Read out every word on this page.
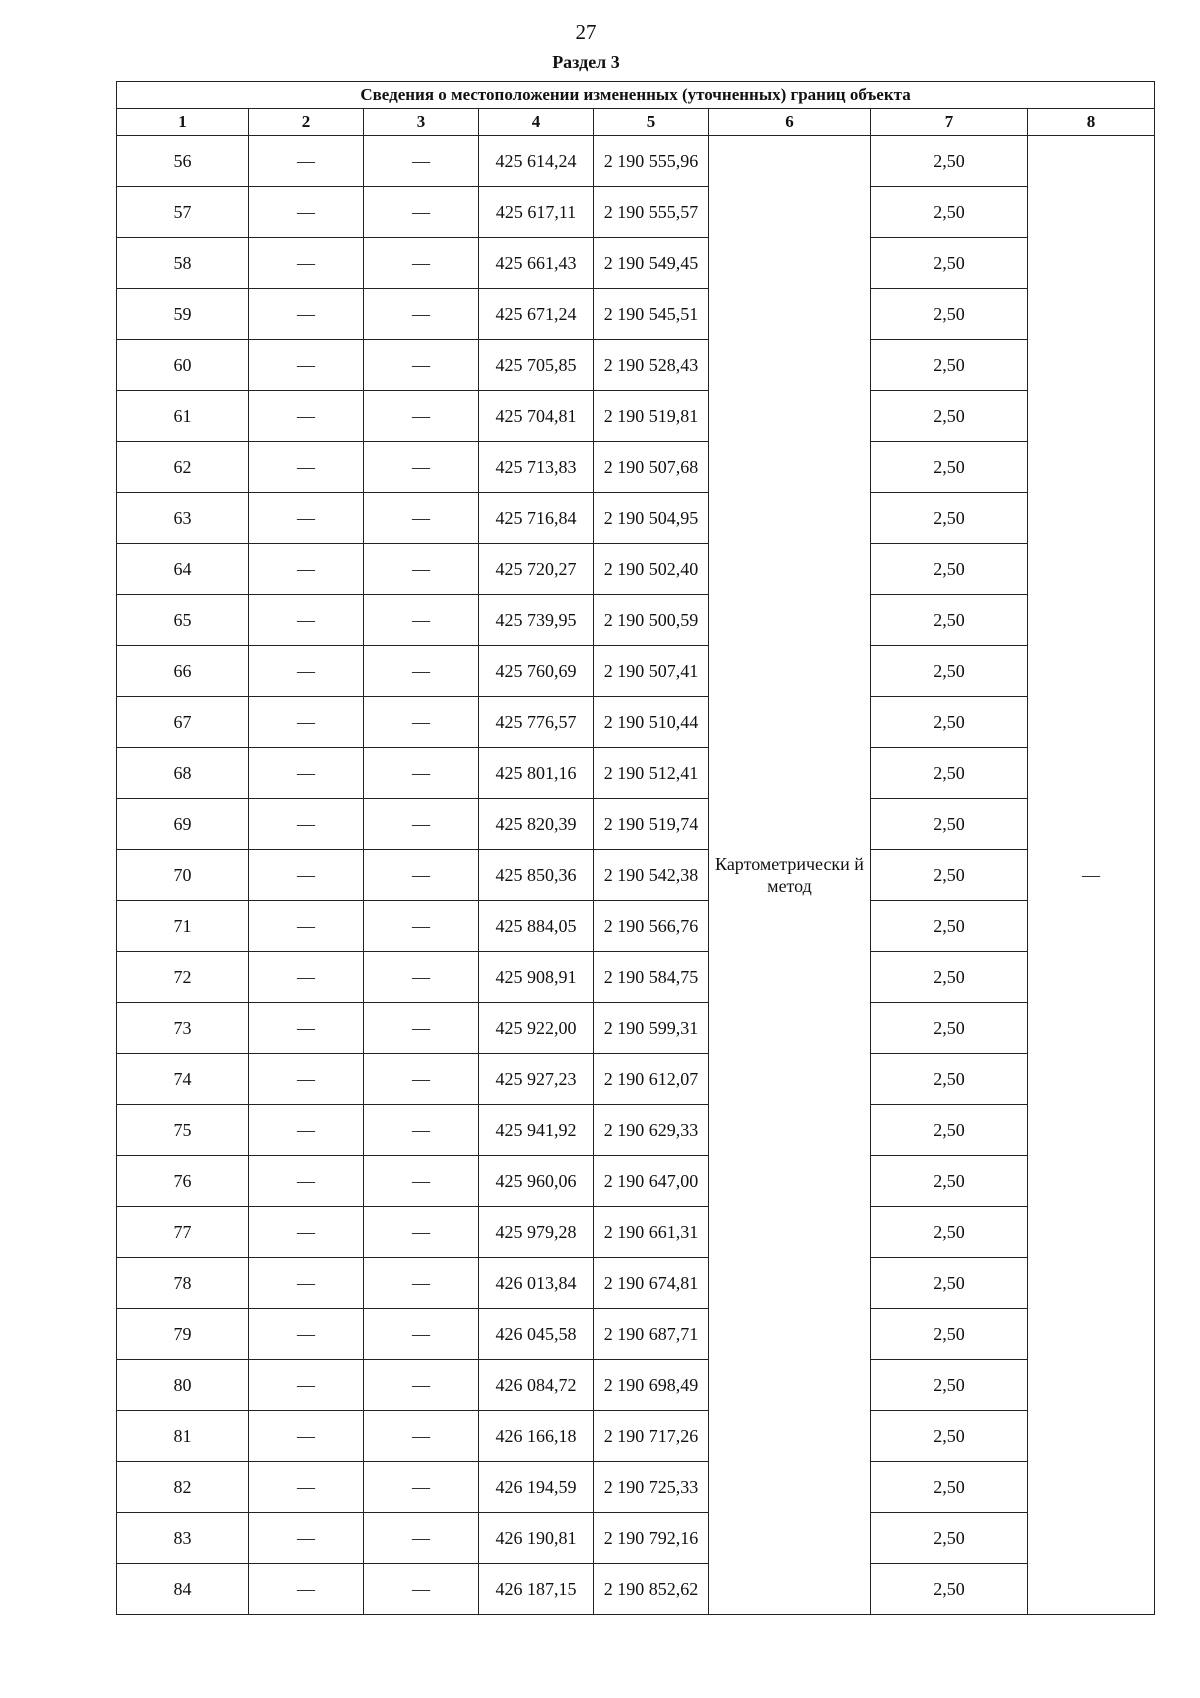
27
Раздел 3
Сведения о местоположении измененных (уточненных) границ объекта							
1	2	3	4	5	6	7	8
56	—	—	425 614,24	2 190 555,96	Картометрически й метод	2,50	—
57	—	—	425 617,11	2 190 555,57		2,50	
58	—	—	425 661,43	2 190 549,45		2,50	
59	—	—	425 671,24	2 190 545,51		2,50	
60	—	—	425 705,85	2 190 528,43		2,50	
61	—	—	425 704,81	2 190 519,81		2,50	
62	—	—	425 713,83	2 190 507,68		2,50	
63	—	—	425 716,84	2 190 504,95		2,50	
64	—	—	425 720,27	2 190 502,40		2,50	
65	—	—	425 739,95	2 190 500,59		2,50	
66	—	—	425 760,69	2 190 507,41		2,50	
67	—	—	425 776,57	2 190 510,44		2,50	
68	—	—	425 801,16	2 190 512,41		2,50	
69	—	—	425 820,39	2 190 519,74		2,50	
70	—	—	425 850,36	2 190 542,38		2,50	
71	—	—	425 884,05	2 190 566,76		2,50	
72	—	—	425 908,91	2 190 584,75		2,50	
73	—	—	425 922,00	2 190 599,31		2,50	
74	—	—	425 927,23	2 190 612,07		2,50	
75	—	—	425 941,92	2 190 629,33		2,50	
76	—	—	425 960,06	2 190 647,00		2,50	
77	—	—	425 979,28	2 190 661,31		2,50	
78	—	—	426 013,84	2 190 674,81		2,50	
79	—	—	426 045,58	2 190 687,71		2,50	
80	—	—	426 084,72	2 190 698,49		2,50	
81	—	—	426 166,18	2 190 717,26		2,50	
82	—	—	426 194,59	2 190 725,33		2,50	
83	—	—	426 190,81	2 190 792,16		2,50	
84	—	—	426 187,15	2 190 852,62		2,50	
